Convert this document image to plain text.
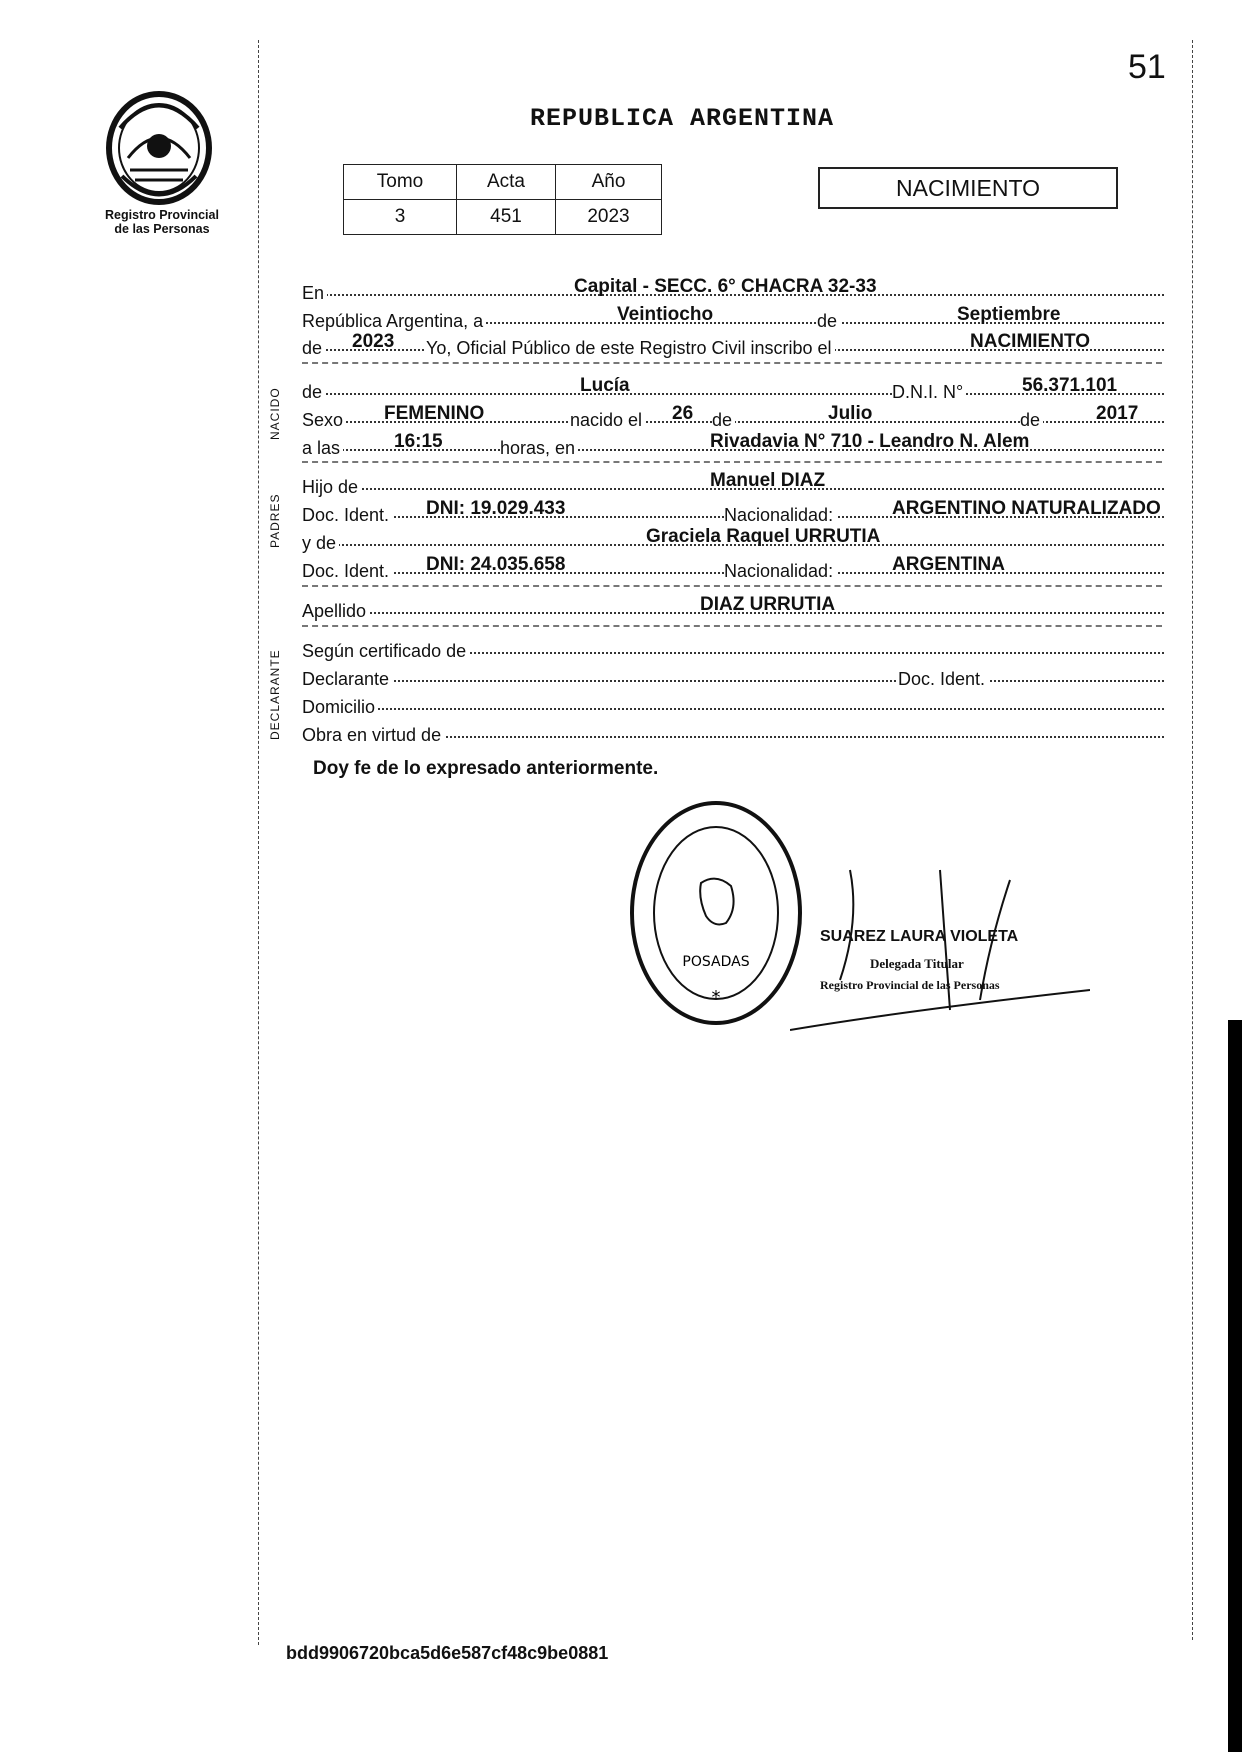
51
Registro Provincial
de las Personas
REPUBLICA ARGENTINA
Tomo	Acta	Año
3	451	2023
NACIMIENTO
NACIDO
PADRES
DECLARANTE
En	Capital - SECC. 6° CHACRA 32-33
República Argentina, a	Veintiocho	de	Septiembre
de 2023 Yo, Oficial Público de este Registro Civil inscribo el	NACIMIENTO
de	Lucía	D.N.I. N°	56.371.101
Sexo FEMENINO	nacido el 26 de	Julio	de	2017
a las	16:15	horas, en	Rivadavia N° 710 - Leandro N. Alem
Hijo de	Manuel DIAZ
Doc. Ident. DNI: 19.029.433	Nacionalidad:	ARGENTINO NATURALIZADO
y de	Graciela Raquel URRUTIA
Doc. Ident. DNI: 24.035.658	Nacionalidad:	ARGENTINA
Apellido	DIAZ URRUTIA
Según certificado de
Declarante	Doc. Ident.
Domicilio
Obra en virtud de
Doy fe de lo expresado anteriormente.
POSADAS
*
SUAREZ LAURA VIOLETA
Delegada Titular
Registro Provincial de las Personas
bdd9906720bca5d6e587cf48c9be0881
